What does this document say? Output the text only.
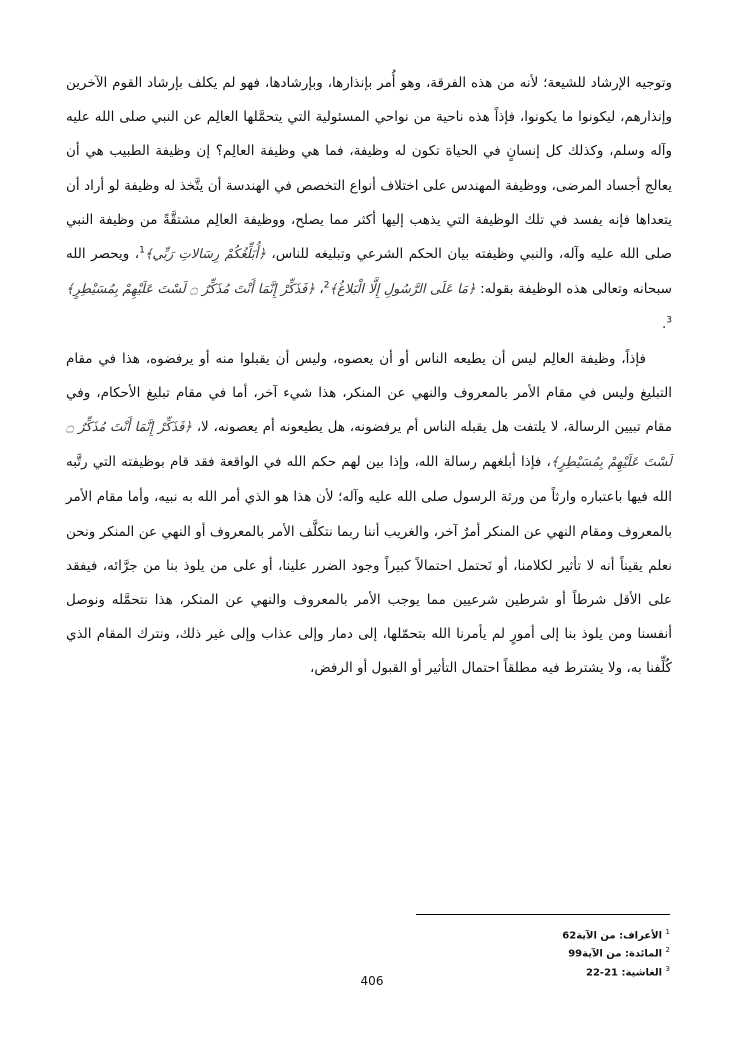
وتوجيه الإرشاد للشيعة؛ لأنه من هذه الفرقة، وهو أُمر بإنذارها، وبإرشادها، فهو لم يكلف بإرشاد القوم الآخرين وإنذارهم، ليكونوا ما يكونوا، فإذاً هذه ناحية من نواحي المسئولية التي يتحمَّلها العالِم عن النبي صلى الله عليه وآله وسلم، وكذلك كل إنسانٍ في الحياة تكون له وظيفة، فما هي وظيفة العالِم؟ إن وظيفة الطبيب هي أن يعالج أجساد المرضى، ووظيفة المهندس على اختلاف أنواع التخصص في الهندسة أن يتَّخذ له وظيفة لو أراد أن يتعداها فإنه يفسد في تلك الوظيفة التي يذهب إليها أكثر مما يصلح، ووظيفة العالِم مشتقَّةً من وظيفة النبي صلى الله عليه وآله، والنبي وظيفته بيان الحكم الشرعي وتبليغه للناس، ﴿أُبَلِّغُكُمْ رِسَالاتِ رَبِّي﴾$^1$، ويحصر الله سبحانه وتعالى هذه الوظيفة بقوله: ﴿مَا عَلَى الرَّسُولِ إِلَّا الْبَلاغُ﴾$^2$، ﴿فَذَكِّرْ إِنَّمَا أَنْتَ مُذَكِّرٌ ۝ لَسْتَ عَلَيْهِمْ بِمُسَيْطِرٍ﴾$^3$.

فإذاً، وظيفة العالِم ليس أن يطيعه الناس أو أن يعصوه، وليس أن يقبلوا منه أو يرفضوه، هذا في مقام التبليغ وليس في مقام الأمر بالمعروف والنهي عن المنكر، هذا شيء آخر، أما في مقام تبليغ الأحكام، وفي مقام تبيين الرسالة، لا يلتفت هل يقبله الناس أم يرفضونه، هل يطيعونه أم يعصونه، لا، ﴿فَذَكِّرْ إِنَّمَا أَنْتَ مُذَكِّرٌ ۝ لَسْتَ عَلَيْهِمْ بِمُسَيْطِرٍ﴾، فإذا أبلغهم رسالة الله، وإذا بين لهم حكم الله في الواقعة فقد قام بوظيفته التي رتَّبه الله فيها باعتباره وارثاً من ورثة الرسول صلى الله عليه وآله؛ لأن هذا هو الذي أمر الله به نبيه، وأما مقام الأمر بالمعروف ومقام النهي عن المنكر أمرٌ آخر، والغريب أننا ربما نتكلَّف الأمر بالمعروف أو النهي عن المنكر ونحن نعلم يقيناً أنه لا تأثير لكلامنا، أو نَحتمل احتمالاً كبيراً وجود الضرر علينا، أو على من يلوذ بنا من جرَّائه، فيفقد على الأقل شرطاً أو شرطين شرعيين مما يوجب الأمر بالمعروف والنهي عن المنكر، هذا نتحمَّله ونوصل أنفسنا ومن يلوذ بنا إلى أمورٍ لم يأمرنا الله بتحمّلها، إلى دمار وإلى عذاب وإلى غير ذلك، ونترك المقام الذي كُلِّفنا به، ولا يشترط فيه مطلقاً احتمال التأثير أو القبول أو الرفض،

$^1$ الأعراف: من الآية62
$^2$ المائدة: من الآية99
$^3$ الغاشية: 21-22
406
